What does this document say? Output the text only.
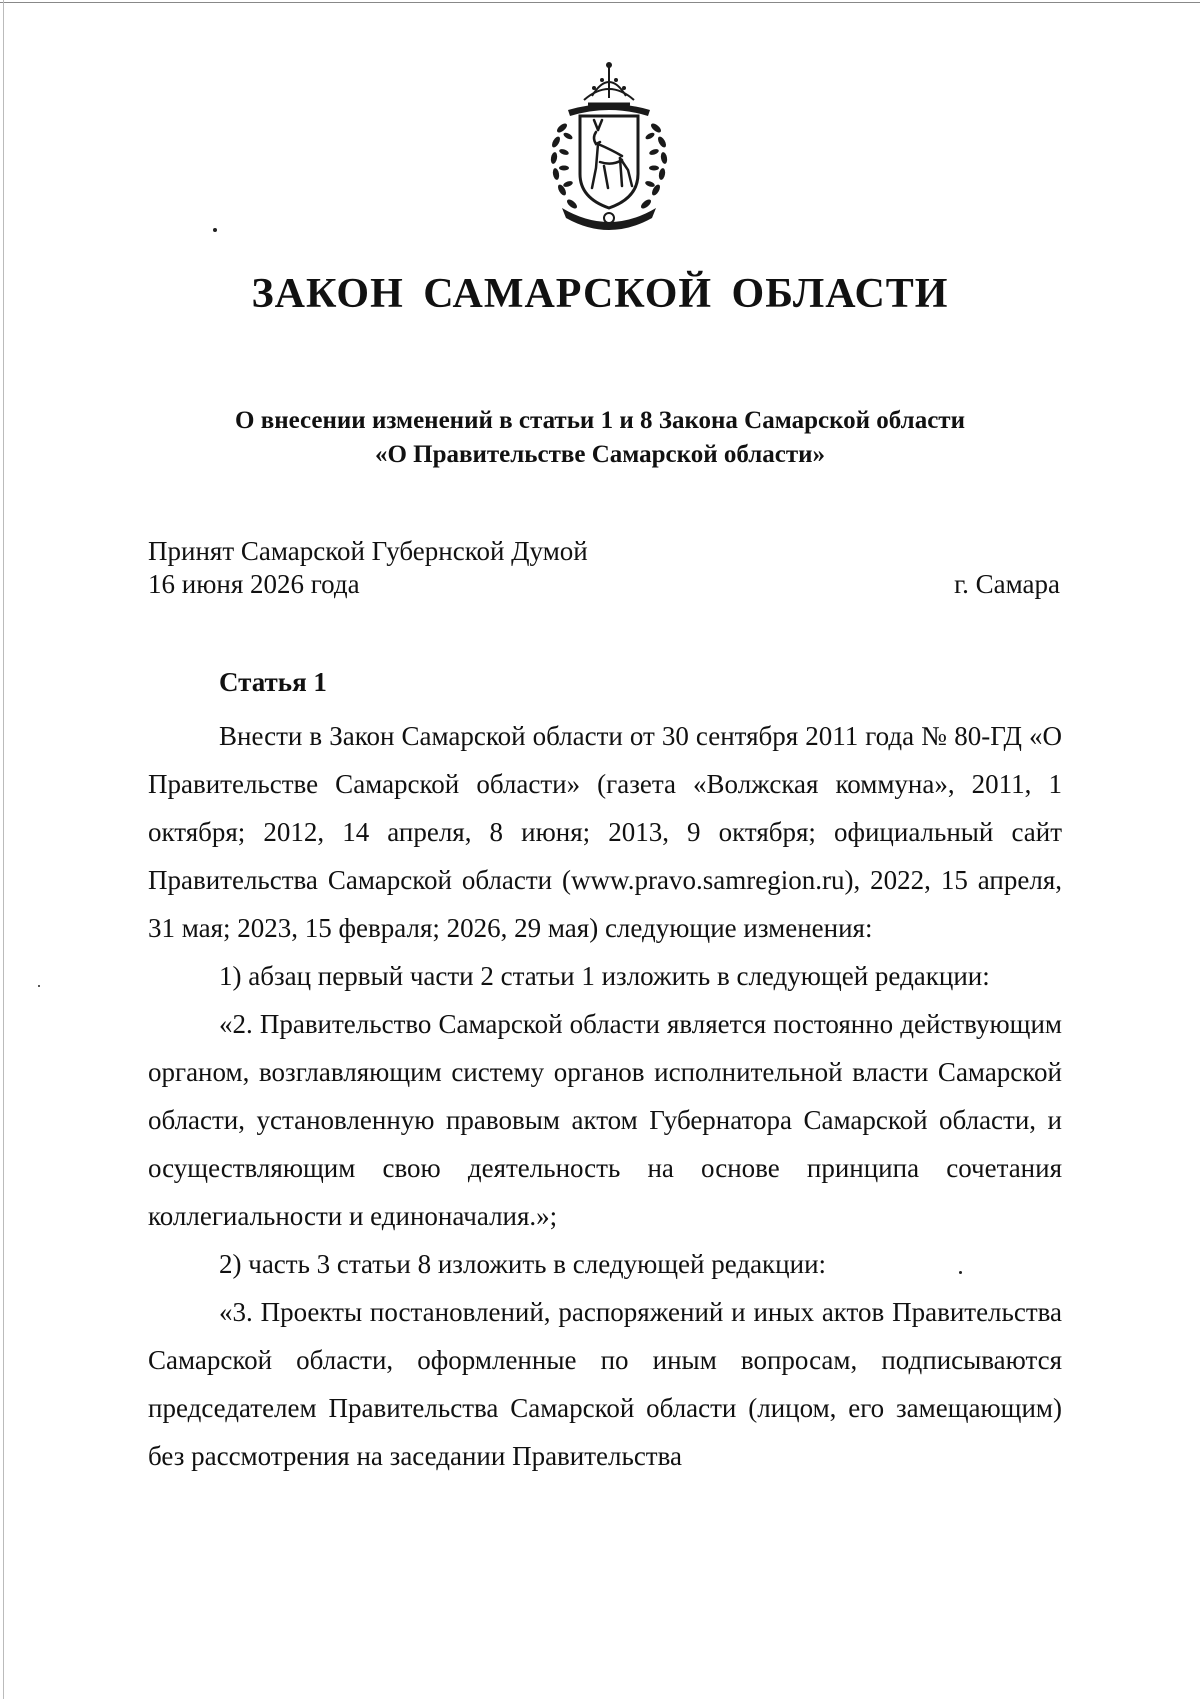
ЗАКОН САМАРСКОЙ ОБЛАСТИ
О внесении изменений в статьи 1 и 8 Закона Самарской области
«О Правительстве Самарской области»
Принят Самарской Губернской Думой
16 июня 2026 года	г. Самара
Статья 1

Внести в Закон Самарской области от 30 сентября 2011 года № 80-ГД «О Правительстве Самарской области» (газета «Волжская коммуна», 2011, 1 октября; 2012, 14 апреля, 8 июня; 2013, 9 октября; официальный сайт Правительства Самарской области (www.pravo.samregion.ru), 2022, 15 апреля, 31 мая; 2023, 15 февраля; 2026, 29 мая) следующие изменения:

1) абзац первый части 2 статьи 1 изложить в следующей редакции:

«2. Правительство Самарской области является постоянно действующим органом, возглавляющим систему органов исполнительной власти Самарской области, установленную правовым актом Губернатора Самарской области, и осуществляющим свою деятельность на основе принципа сочетания коллегиальности и единоначалия.»;

2) часть 3 статьи 8 изложить в следующей редакции:

«3. Проекты постановлений, распоряжений и иных актов Правительства Самарской области, оформленные по иным вопросам, подписываются председателем Правительства Самарской области (лицом, его замещающим) без рассмотрения на заседании Правительства
